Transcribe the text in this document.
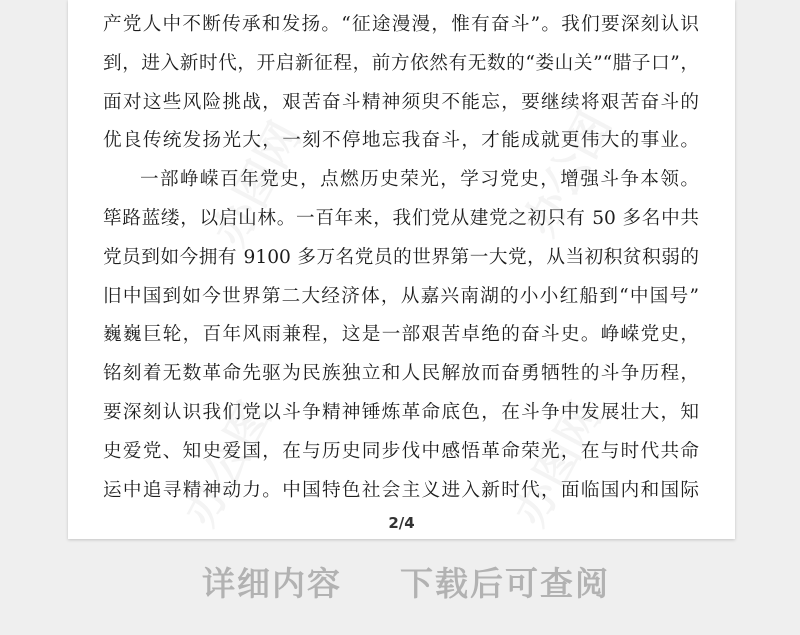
产党人中不断传承和发扬。“征途漫漫，惟有奋斗”。我们要深刻认识
到，进入新时代，开启新征程，前方依然有无数的“娄山关”“腊子口”，
面对这些风险挑战，艰苦奋斗精神须臾不能忘，要继续将艰苦奋斗的
优良传统发扬光大，一刻不停地忘我奋斗，才能成就更伟大的事业。
一部峥嵘百年党史，点燃历史荣光，学习党史，增强斗争本领。
筚路蓝缕，以启山林。一百年来，我们党从建党之初只有 50 多名中共
党员到如今拥有 9100 多万名党员的世界第一大党，从当初积贫积弱的
旧中国到如今世界第二大经济体，从嘉兴南湖的小小红船到“中国号”
巍巍巨轮，百年风雨兼程，这是一部艰苦卓绝的奋斗史。峥嵘党史，
铭刻着无数革命先驱为民族独立和人民解放而奋勇牺牲的斗争历程，
要深刻认识我们党以斗争精神锤炼革命底色，在斗争中发展壮大，知
史爱党、知史爱国，在与历史同步伐中感悟革命荣光，在与时代共命
运中追寻精神动力。中国特色社会主义进入新时代，面临国内和国际
2/4
详细内容 下载后可查阅
